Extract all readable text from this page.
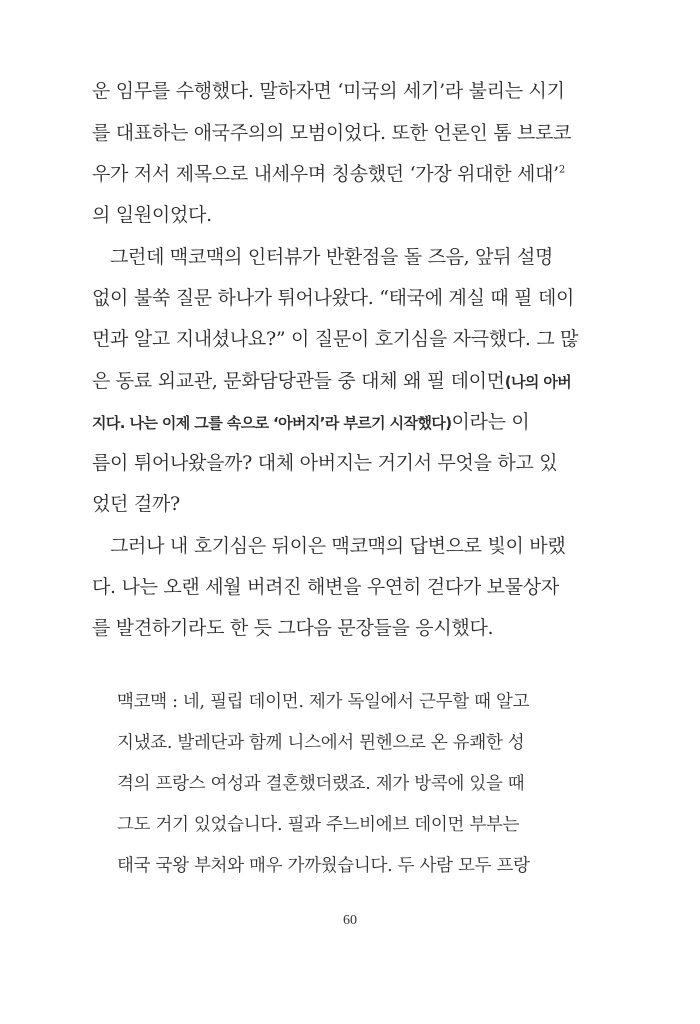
운 임무를 수행했다. 말하자면 ‘미국의 세기’라 불리는 시기
를 대표하는 애국주의의 모범이었다. 또한 언론인 톰 브로코
우가 저서 제목으로 내세우며 칭송했던 ‘가장 위대한 세대’$^2$
의 일원이었다.
그런데 맥코맥의 인터뷰가 반환점을 돌 즈음, 앞뒤 설명
없이 불쑥 질문 하나가 튀어나왔다. “태국에 계실 때 필 데이
먼과 알고 지내셨나요?” 이 질문이 호기심을 자극했다. 그 많
은 동료 외교관, 문화담당관들 중 대체 왜 필 데이먼(나의 아버
지다. 나는 이제 그를 속으로 ‘아버지’라 부르기 시작했다)이라는 이
름이 튀어나왔을까? 대체 아버지는 거기서 무엇을 하고 있
었던 걸까?
그러나 내 호기심은 뒤이은 맥코맥의 답변으로 빛이 바랬
다. 나는 오랜 세월 버려진 해변을 우연히 걷다가 보물상자
를 발견하기라도 한 듯 그다음 문장들을 응시했다.
맥코맥 : 네, 필립 데이먼. 제가 독일에서 근무할 때 알고
지냈죠. 발레단과 함께 니스에서 뮌헨으로 온 유쾌한 성
격의 프랑스 여성과 결혼했더랬죠. 제가 방콕에 있을 때
그도 거기 있었습니다. 필과 주느비에브 데이먼 부부는
태국 국왕 부처와 매우 가까웠습니다. 두 사람 모두 프랑
60
